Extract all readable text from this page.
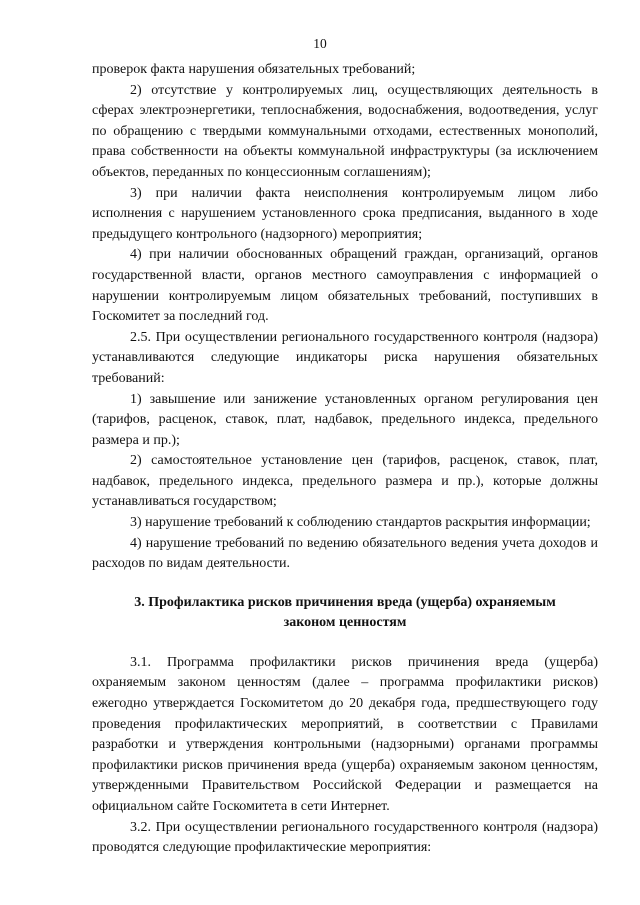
10

проверок факта нарушения обязательных требований;

2) отсутствие у контролируемых лиц, осуществляющих деятельность в сферах электроэнергетики, теплоснабжения, водоснабжения, водоотведения, услуг по обращению с твердыми коммунальными отходами, естественных монополий, права собственности на объекты коммунальной инфраструктуры (за исключением объектов, переданных по концессионным соглашениям);

3) при наличии факта неисполнения контролируемым лицом либо исполнения с нарушением установленного срока предписания, выданного в ходе предыдущего контрольного (надзорного) мероприятия;

4) при наличии обоснованных обращений граждан, организаций, органов государственной власти, органов местного самоуправления с информацией о нарушении контролируемым лицом обязательных требований, поступивших в Госкомитет за последний год.

2.5. При осуществлении регионального государственного контроля (надзора) устанавливаются следующие индикаторы риска нарушения обязательных требований:

1) завышение или занижение установленных органом регулирования цен (тарифов, расценок, ставок, плат, надбавок, предельного индекса, предельного размера и пр.);

2) самостоятельное установление цен (тарифов, расценок, ставок, плат, надбавок, предельного индекса, предельного размера и пр.), которые должны устанавливаться государством;

3) нарушение требований к соблюдению стандартов раскрытия информации;

4) нарушение требований по ведению обязательного ведения учета доходов и расходов по видам деятельности.

3. Профилактика рисков причинения вреда (ущерба) охраняемым
законом ценностям

3.1. Программа профилактики рисков причинения вреда (ущерба) охраняемым законом ценностям (далее – программа профилактики рисков) ежегодно утверждается Госкомитетом до 20 декабря года, предшествующего году проведения профилактических мероприятий, в соответствии с Правилами разработки и утверждения контрольными (надзорными) органами программы профилактики рисков причинения вреда (ущерба) охраняемым законом ценностям, утвержденными Правительством Российской Федерации и размещается на официальном сайте Госкомитета в сети Интернет.

3.2. При осуществлении регионального государственного контроля (надзора) проводятся следующие профилактические мероприятия:
